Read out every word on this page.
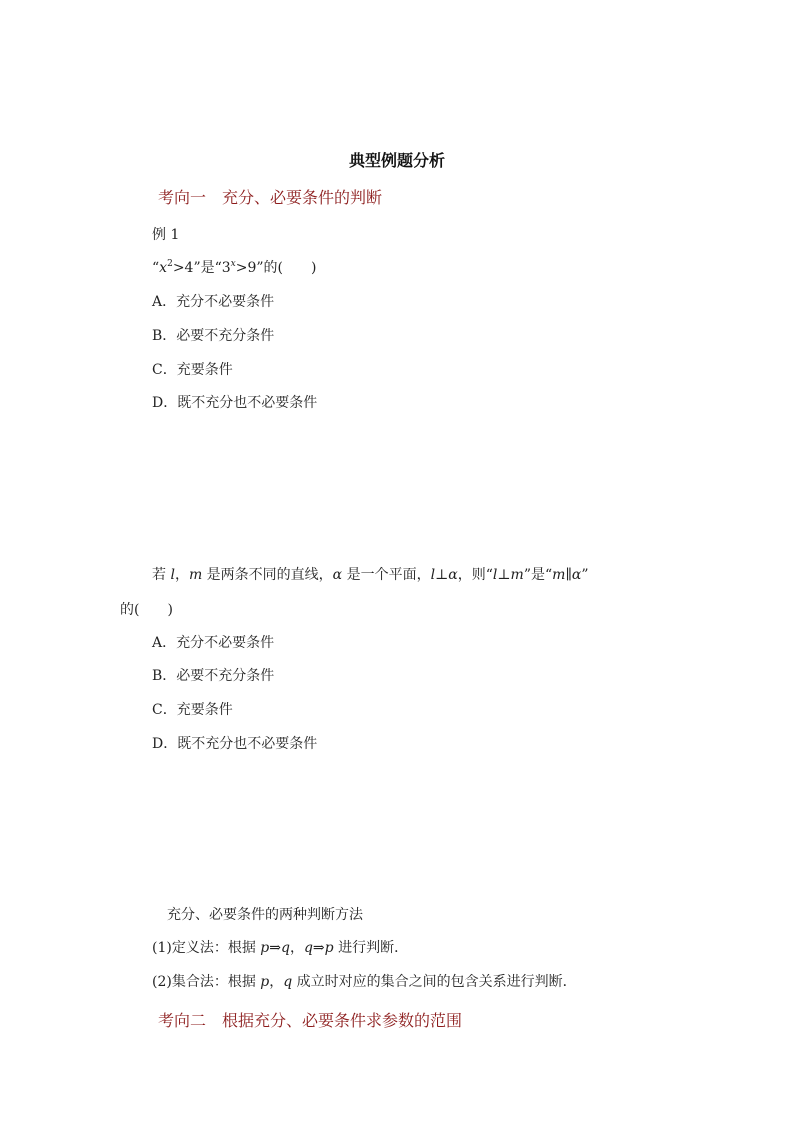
典型例题分析
考向一　充分、必要条件的判断
例 1
“$x^2>4$”是“$3^x>9$”的(　　)
A．充分不必要条件
B．必要不充分条件
C．充要条件
D．既不充分也不必要条件
若 l，m 是两条不同的直线，α 是一个平面，l⊥α，则“l⊥m”是“m∥α”
的(　　)
A．充分不必要条件
B．必要不充分条件
C．充要条件
D．既不充分也不必要条件
充分、必要条件的两种判断方法
(1)定义法：根据 p⇒q，q⇒p 进行判断．
(2)集合法：根据 p，q 成立时对应的集合之间的包含关系进行判断．
考向二　根据充分、必要条件求参数的范围
